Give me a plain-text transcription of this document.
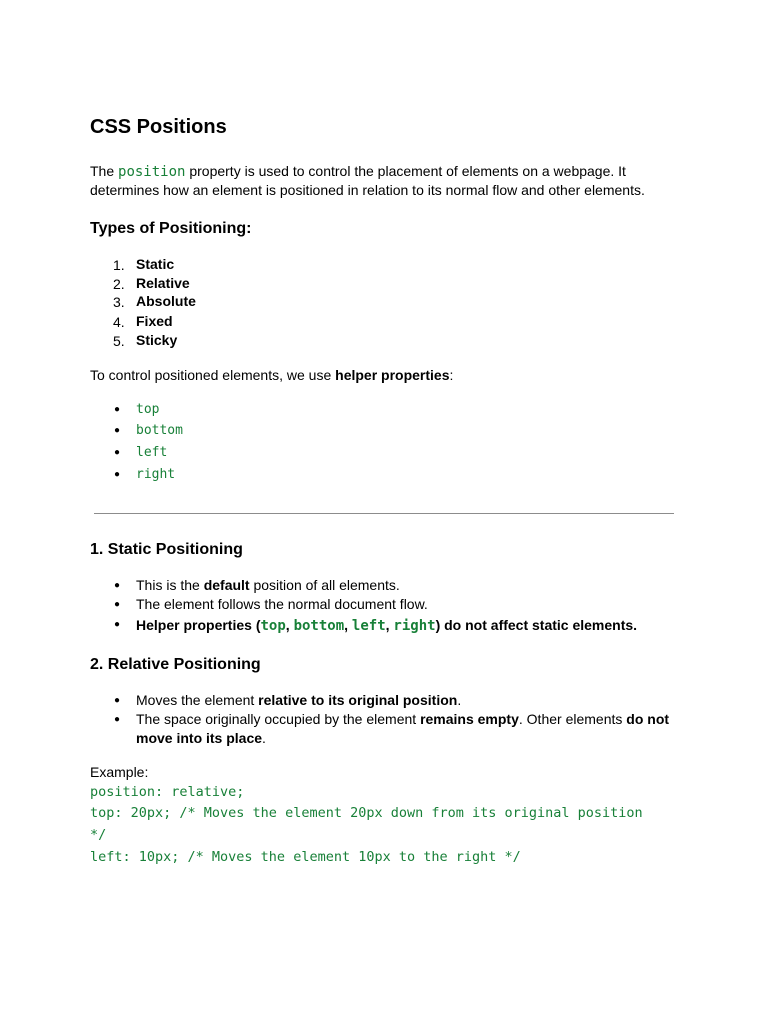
CSS Positions
The position property is used to control the placement of elements on a webpage. It
determines how an element is positioned in relation to its normal flow and other elements.
Types of Positioning:
1. Static
2. Relative
3. Absolute
4. Fixed
5. Sticky
To control positioned elements, we use helper properties:
● top
● bottom
● left
● right
1. Static Positioning
● This is the default position of all elements.
● The element follows the normal document flow.
● Helper properties (top, bottom, left, right) do not affect static elements.
2. Relative Positioning
● Moves the element relative to its original position.
● The space originally occupied by the element remains empty. Other elements do not
move into its place.
Example:
position: relative;
top: 20px; /* Moves the element 20px down from its original position
*/
left: 10px; /* Moves the element 10px to the right */
